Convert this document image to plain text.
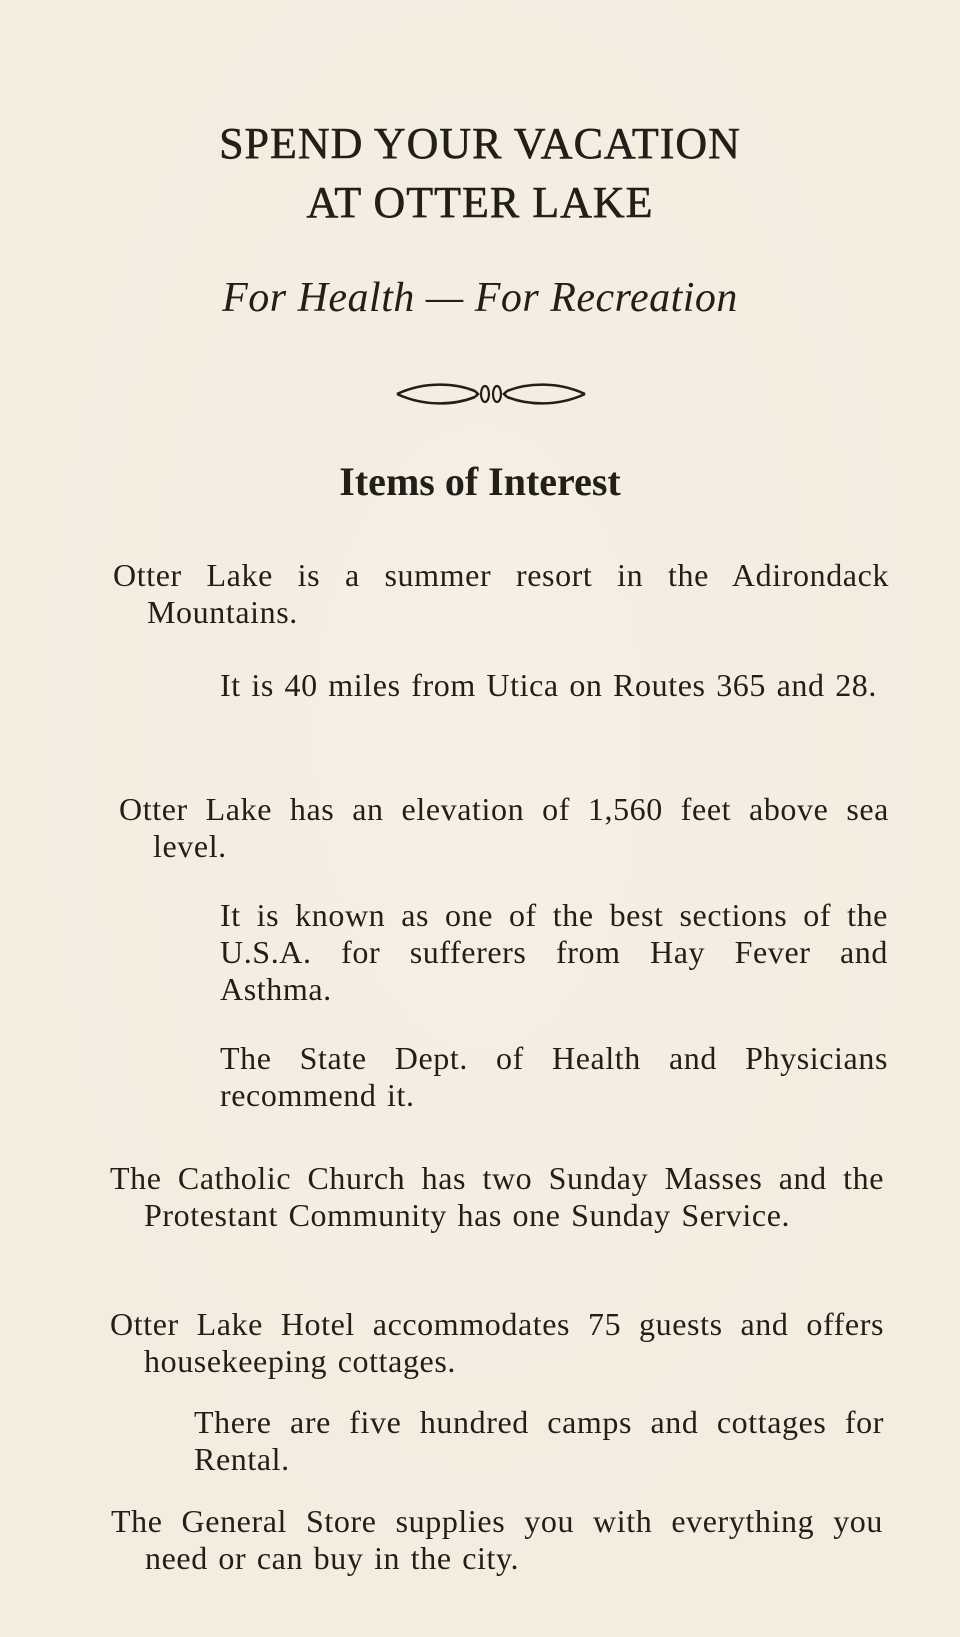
SPEND YOUR VACATION
AT OTTER LAKE
For Health — For Recreation
Items of Interest
Otter Lake is a summer resort in the Adirondack Mountains.
It is 40 miles from Utica on Routes 365 and 28.
Otter Lake has an elevation of 1,560 feet above sea level.
It is known as one of the best sections of the U.S.A. for sufferers from Hay Fever and Asthma.
The State Dept. of Health and Physicians recommend it.
The Catholic Church has two Sunday Masses and the Protestant Community has one Sunday Service.
Otter Lake Hotel accommodates 75 guests and offers housekeeping cottages.
There are five hundred camps and cottages for Rental.
The General Store supplies you with everything you need or can buy in the city.
